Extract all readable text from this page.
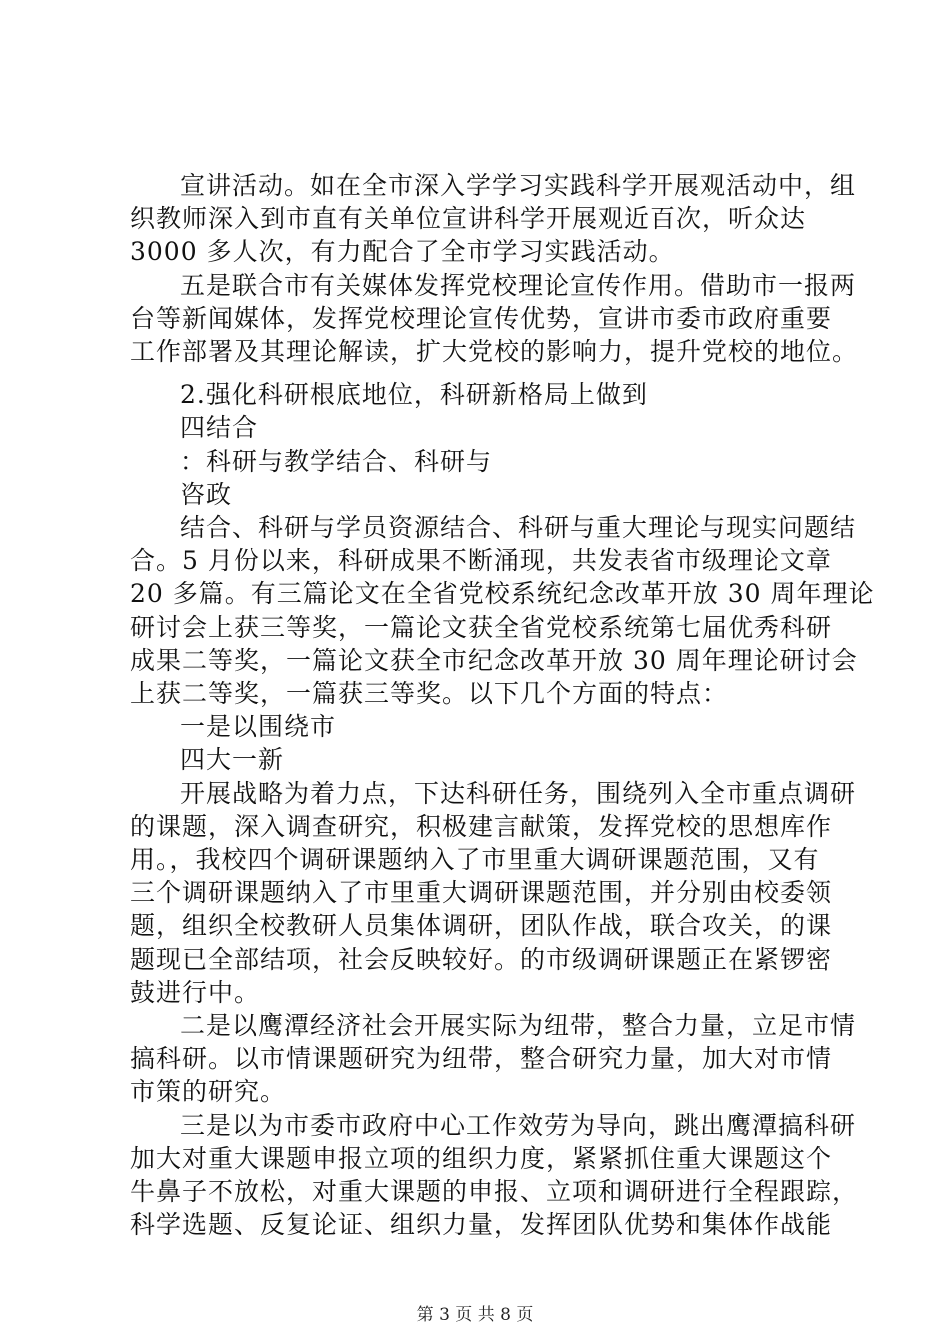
宣讲活动。如在全市深入学学习实践科学开展观活动中，组
织教师深入到市直有关单位宣讲科学开展观近百次，听众达
3000 多人次，有力配合了全市学习实践活动。
五是联合市有关媒体发挥党校理论宣传作用。借助市一报两
台等新闻媒体，发挥党校理论宣传优势，宣讲市委市政府重要
工作部署及其理论解读，扩大党校的影响力，提升党校的地位。
2.强化科研根底地位，科研新格局上做到
四结合
：科研与教学结合、科研与
咨政
结合、科研与学员资源结合、科研与重大理论与现实问题结
合。5 月份以来，科研成果不断涌现，共发表省市级理论文章
20 多篇。有三篇论文在全省党校系统纪念改革开放 30 周年理论
研讨会上获三等奖，一篇论文获全省党校系统第七届优秀科研
成果二等奖，一篇论文获全市纪念改革开放 30 周年理论研讨会
上获二等奖，一篇获三等奖。以下几个方面的特点：
一是以围绕市
四大一新
开展战略为着力点，下达科研任务，围绕列入全市重点调研
的课题，深入调查研究，积极建言献策，发挥党校的思想库作
用。，我校四个调研课题纳入了市里重大调研课题范围，又有
三个调研课题纳入了市里重大调研课题范围，并分别由校委领
题，组织全校教研人员集体调研，团队作战，联合攻关，的课
题现已全部结项，社会反映较好。的市级调研课题正在紧锣密
鼓进行中。
二是以鹰潭经济社会开展实际为纽带，整合力量，立足市情
搞科研。以市情课题研究为纽带，整合研究力量，加大对市情
市策的研究。
三是以为市委市政府中心工作效劳为导向，跳出鹰潭搞科研
加大对重大课题申报立项的组织力度，紧紧抓住重大课题这个
牛鼻子不放松，对重大课题的申报、立项和调研进行全程跟踪，
科学选题、反复论证、组织力量，发挥团队优势和集体作战能
第 3 页 共 8 页
